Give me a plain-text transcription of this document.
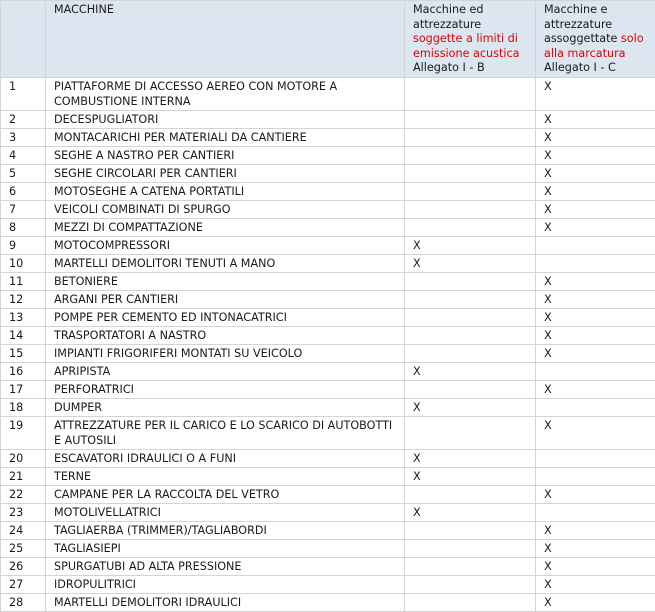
	MACCHINE	Macchine ed attrezzature soggette a limiti di emissione acustica
Allegato I - B	Macchine e attrezzature assoggettate solo alla marcatura
Allegato I - C

1	PIATTAFORME DI ACCESSO AEREO CON MOTORE A COMBUSTIONE INTERNA		X
2	DECESPUGLIATORI		X
3	MONTACARICHI PER MATERIALI DA CANTIERE		X
4	SEGHE A NASTRO PER CANTIERI		X
5	SEGHE CIRCOLARI PER CANTIERI		X
6	MOTOSEGHE A CATENA PORTATILI		X
7	VEICOLI COMBINATI DI SPURGO		X
8	MEZZI DI COMPATTAZIONE		X
9	MOTOCOMPRESSORI	X	
10	MARTELLI DEMOLITORI TENUTI A MANO	X	
11	BETONIERE		X
12	ARGANI PER CANTIERI		X
13	POMPE PER CEMENTO ED INTONACATRICI		X
14	TRASPORTATORI A NASTRO		X
15	IMPIANTI FRIGORIFERI MONTATI SU VEICOLO		X
16	APRIPISTA	X	
17	PERFORATRICI		X
18	DUMPER	X	
19	ATTREZZATURE PER IL CARICO E LO SCARICO DI AUTOBOTTI E AUTOSILI		X
20	ESCAVATORI IDRAULICI O A FUNI	X	
21	TERNE	X	
22	CAMPANE PER LA RACCOLTA DEL VETRO		X
23	MOTOLIVELLATRICI	X	
24	TAGLIAERBA (TRIMMER)/TAGLIABORDI		X
25	TAGLIASIEPI		X
26	SPURGATUBI AD ALTA PRESSIONE		X
27	IDROPULITRICI		X
28	MARTELLI DEMOLITORI IDRAULICI		X
